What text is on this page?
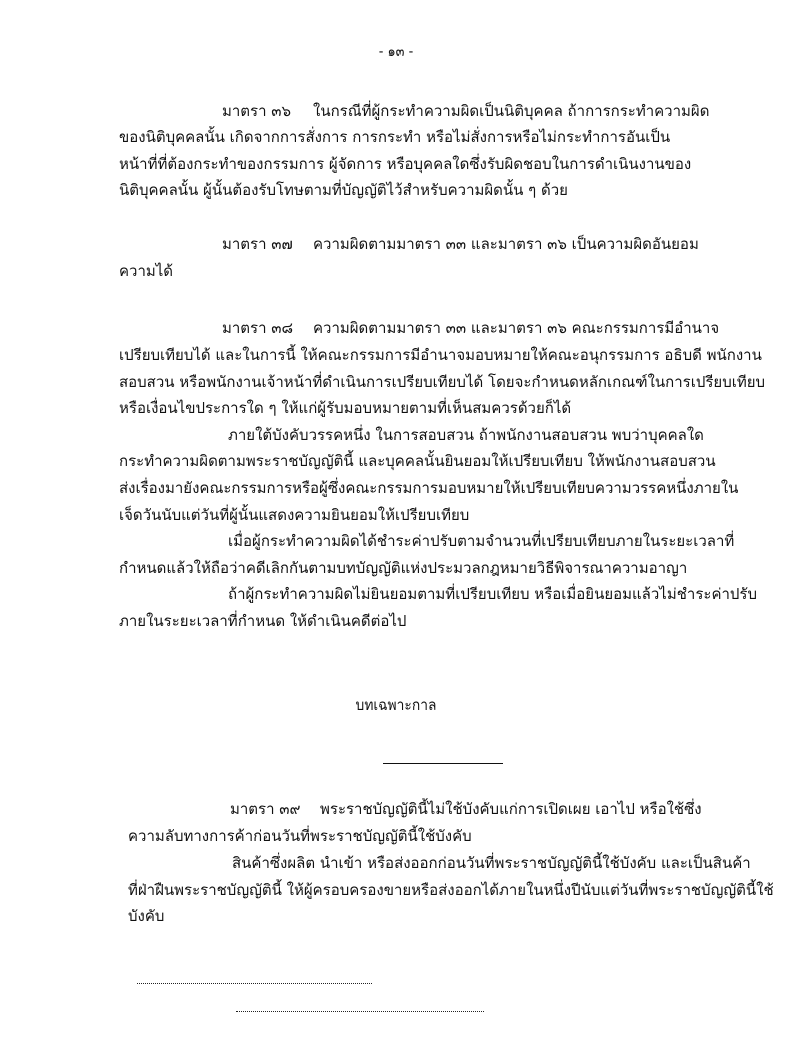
- ๑๓ -
มาตรา ๓๖ ในกรณีที่ผู้กระทำความผิดเป็นนิติบุคคล ถ้าการกระทำความผิด
ของนิติบุคคลนั้น เกิดจากการสั่งการ การกระทำ หรือไม่สั่งการหรือไม่กระทำการอันเป็น
หน้าที่ที่ต้องกระทำของกรรมการ ผู้จัดการ หรือบุคคลใดซึ่งรับผิดชอบในการดำเนินงานของ
นิติบุคคลนั้น ผู้นั้นต้องรับโทษตามที่บัญญัติไว้สำหรับความผิดนั้น ๆ ด้วย
มาตรา ๓๗ ความผิดตามมาตรา ๓๓ และมาตรา ๓๖ เป็นความผิดอันยอม
ความได้
มาตรา ๓๘ ความผิดตามมาตรา ๓๓ และมาตรา ๓๖ คณะกรรมการมีอำนาจ
เปรียบเทียบได้ และในการนี้ ให้คณะกรรมการมีอำนาจมอบหมายให้คณะอนุกรรมการ อธิบดี พนักงาน
สอบสวน หรือพนักงานเจ้าหน้าที่ดำเนินการเปรียบเทียบได้ โดยจะกำหนดหลักเกณฑ์ในการเปรียบเทียบ
หรือเงื่อนไขประการใด ๆ ให้แก่ผู้รับมอบหมายตามที่เห็นสมควรด้วยก็ได้
ภายใต้บังคับวรรคหนึ่ง ในการสอบสวน ถ้าพนักงานสอบสวน พบว่าบุคคลใด
กระทำความผิดตามพระราชบัญญัตินี้ และบุคคลนั้นยินยอมให้เปรียบเทียบ ให้พนักงานสอบสวน
ส่งเรื่องมายังคณะกรรมการหรือผู้ซึ่งคณะกรรมการมอบหมายให้เปรียบเทียบความวรรคหนึ่งภายใน
เจ็ดวันนับแต่วันที่ผู้นั้นแสดงความยินยอมให้เปรียบเทียบ
เมื่อผู้กระทำความผิดได้ชำระค่าปรับตามจำนวนที่เปรียบเทียบภายในระยะเวลาที่
กำหนดแล้วให้ถือว่าคดีเลิกกันตามบทบัญญัติแห่งประมวลกฎหมายวิธีพิจารณาความอาญา
ถ้าผู้กระทำความผิดไม่ยินยอมตามที่เปรียบเทียบ หรือเมื่อยินยอมแล้วไม่ชำระค่าปรับ
ภายในระยะเวลาที่กำหนด ให้ดำเนินคดีต่อไป
บทเฉพาะกาล
มาตรา ๓๙ พระราชบัญญัตินี้ไม่ใช้บังคับแก่การเปิดเผย เอาไป หรือใช้ซึ่ง
ความลับทางการค้าก่อนวันที่พระราชบัญญัตินี้ใช้บังคับ
สินค้าซึ่งผลิต นำเข้า หรือส่งออกก่อนวันที่พระราชบัญญัตินี้ใช้บังคับ และเป็นสินค้า
ที่ฝ่าฝืนพระราชบัญญัตินี้ ให้ผู้ครอบครองขายหรือส่งออกได้ภายในหนึ่งปีนับแต่วันที่พระราชบัญญัตินี้ใช้
บังคับ
